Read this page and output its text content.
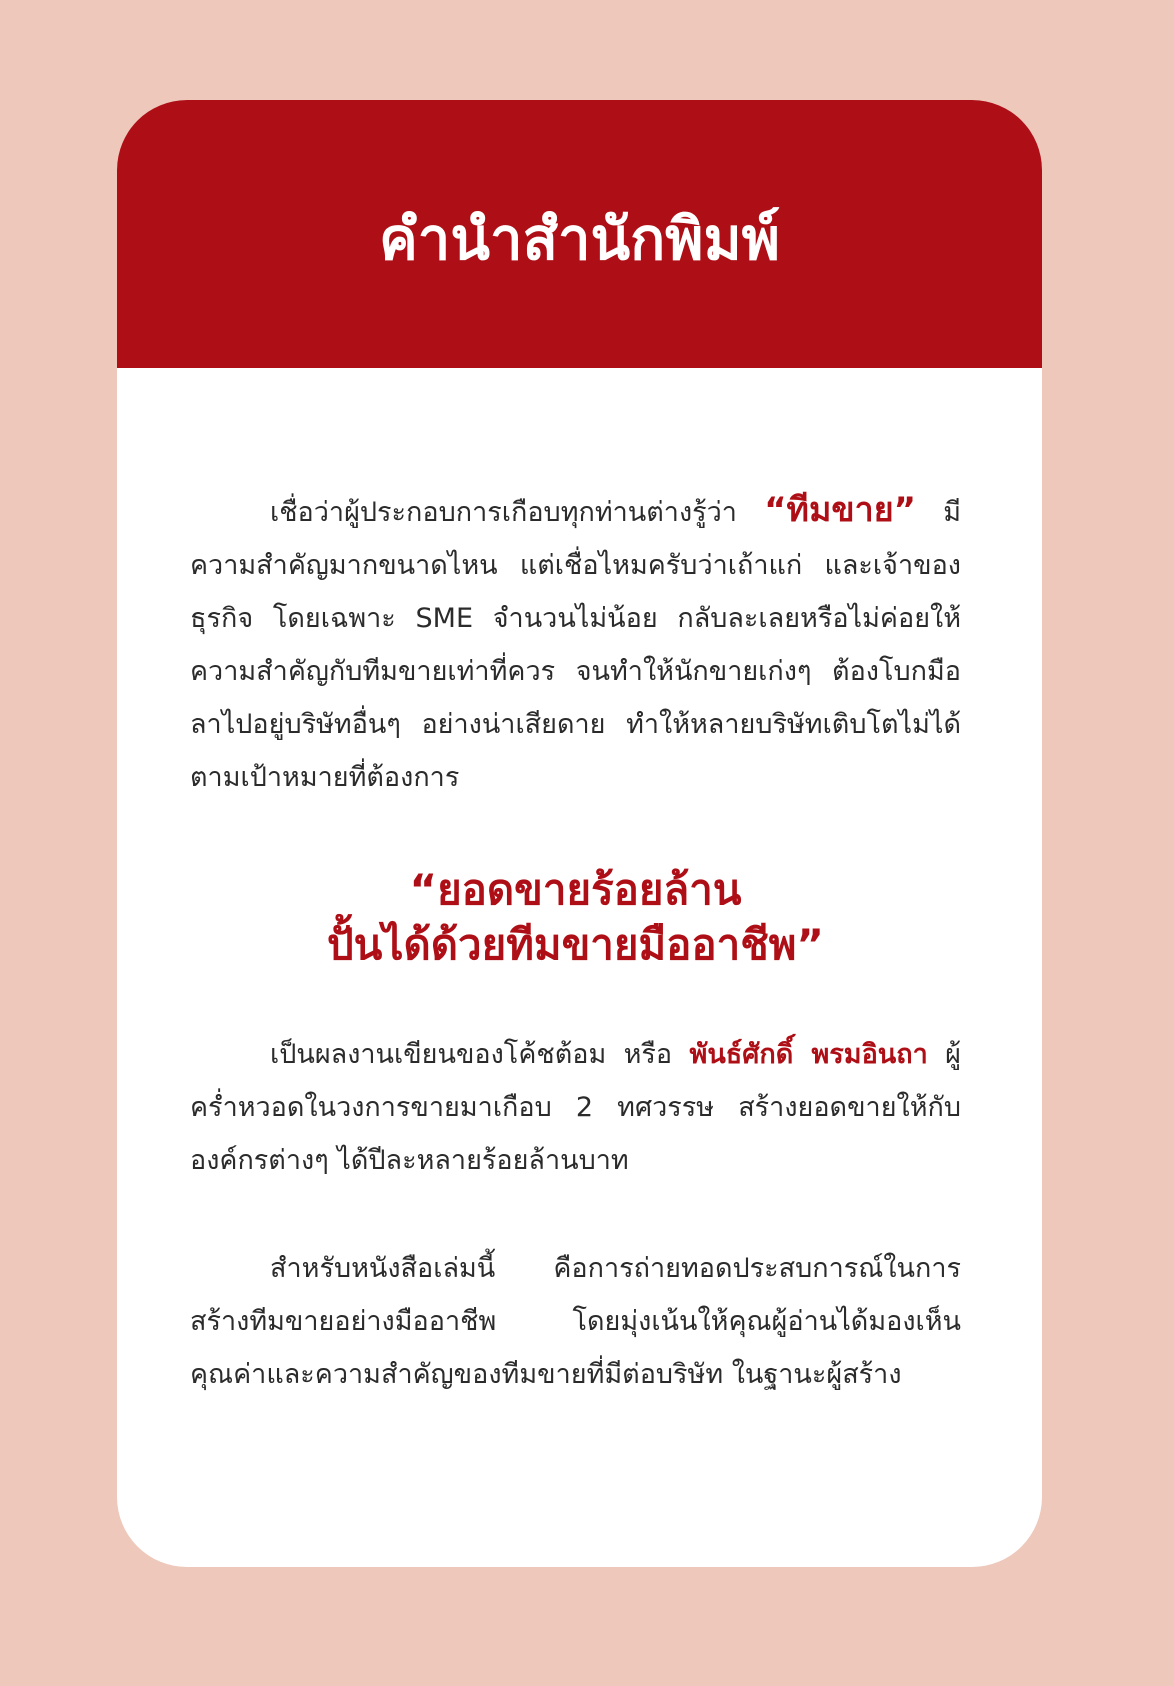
คำนำสำนักพิมพ์

เชื่อว่าผู้ประกอบการเกือบทุกท่านต่างรู้ว่า “ทีมขาย” มีความสำคัญมากขนาดไหน แต่เชื่อไหมครับว่าเถ้าแก่ และเจ้าของธุรกิจ โดยเฉพาะ SME จำนวนไม่น้อย กลับละเลยหรือไม่ค่อยให้ความสำคัญกับทีมขายเท่าที่ควร จนทำให้นักขายเก่งๆ ต้องโบกมือลาไปอยู่บริษัทอื่นๆ อย่างน่าเสียดาย ทำให้หลายบริษัทเติบโตไม่ได้ตามเป้าหมายที่ต้องการ

“ยอดขายร้อยล้าน
ปั้นได้ด้วยทีมขายมืออาชีพ”

เป็นผลงานเขียนของโค้ชต้อม หรือ พันธ์ศักดิ์ พรมอินถา ผู้คร่ำหวอดในวงการขายมาเกือบ 2 ทศวรรษ สร้างยอดขายให้กับองค์กรต่างๆ ได้ปีละหลายร้อยล้านบาท

สำหรับหนังสือเล่มนี้ คือการถ่ายทอดประสบการณ์ในการสร้างทีมขายอย่างมืออาชีพ โดยมุ่งเน้นให้คุณผู้อ่านได้มองเห็นคุณค่าและความสำคัญของทีมขายที่มีต่อบริษัท ในฐานะผู้สร้าง
